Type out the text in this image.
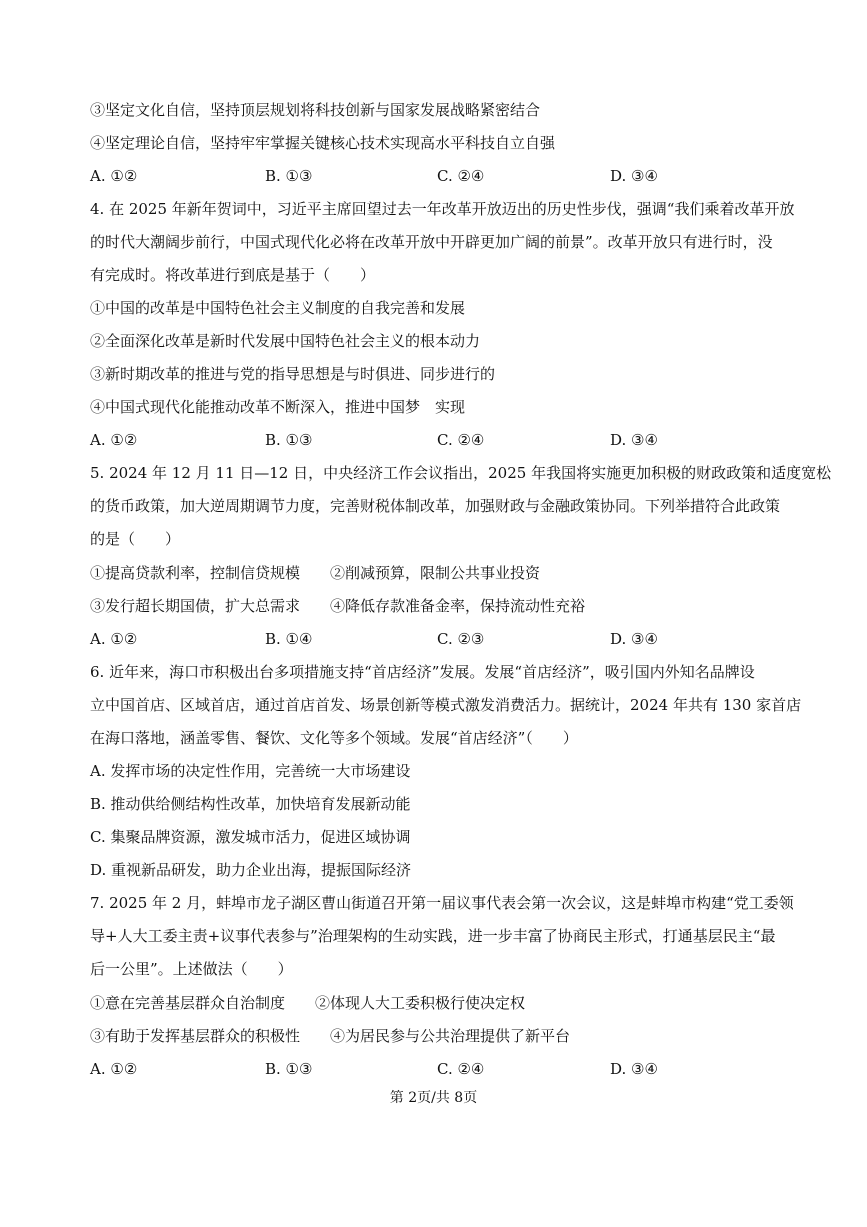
③坚定文化自信，坚持顶层规划将科技创新与国家发展战略紧密结合
④坚定理论自信，坚持牢牢掌握关键核心技术实现高水平科技自立自强
A. ①②	B. ①③	C. ②④	D. ③④
4. 在 2025 年新年贺词中，习近平主席回望过去一年改革开放迈出的历史性步伐，强调“我们乘着改革开放
的时代大潮阔步前行，中国式现代化必将在改革开放中开辟更加广阔的前景”。改革开放只有进行时，没
有完成时。将改革进行到底是基于（　　）
①中国的改革是中国特色社会主义制度的自我完善和发展
②全面深化改革是新时代发展中国特色社会主义的根本动力
③新时期改革的推进与党的指导思想是与时俱进、同步进行的
④中国式现代化能推动改革不断深入，推进中国梦　实现
A. ①②	B. ①③	C. ②④	D. ③④
5. 2024 年 12 月 11 日—12 日，中央经济工作会议指出，2025 年我国将实施更加积极的财政政策和适度宽松
的货币政策，加大逆周期调节力度，完善财税体制改革，加强财政与金融政策协同。下列举措符合此政策
的是（　　）
①提高贷款利率，控制信贷规模 ②削减预算，限制公共事业投资
③发行超长期国债，扩大总需求 ④降低存款准备金率，保持流动性充裕
A. ①②	B. ①④	C. ②③	D. ③④
6. 近年来，海口市积极出台多项措施支持“首店经济”发展。发展“首店经济”，吸引国内外知名品牌设
立中国首店、区域首店，通过首店首发、场景创新等模式激发消费活力。据统计，2024 年共有 130 家首店
在海口落地，涵盖零售、餐饮、文化等多个领域。发展“首店经济”（　　）
A. 发挥市场的决定性作用，完善统一大市场建设
B. 推动供给侧结构性改革，加快培育发展新动能
C. 集聚品牌资源，激发城市活力，促进区域协调
D. 重视新品研发，助力企业出海，提振国际经济
7. 2025 年 2 月，蚌埠市龙子湖区曹山街道召开第一届议事代表会第一次会议，这是蚌埠市构建“党工委领
导+人大工委主责+议事代表参与”治理架构的生动实践，进一步丰富了协商民主形式，打通基层民主“最
后一公里”。上述做法（　　）
①意在完善基层群众自治制度 ②体现人大工委积极行使决定权
③有助于发挥基层群众的积极性 ④为居民参与公共治理提供了新平台
A. ①②	B. ①③	C. ②④	D. ③④
第 2页/共 8页
